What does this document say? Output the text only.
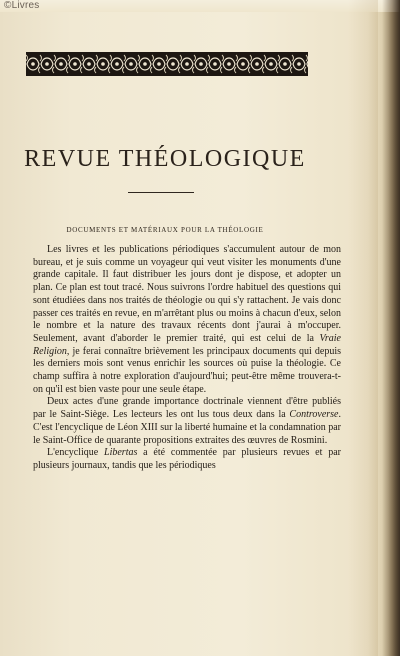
©Livres
REVUE THÉOLOGIQUE
DOCUMENTS ET MATÉRIAUX POUR LA THÉOLOGIE

Les livres et les publications périodiques s'accumulent autour de mon bureau, et je suis comme un voyageur qui veut visiter les monuments d'une grande capitale. Il faut distribuer les jours dont je dispose, et adopter un plan. Ce plan est tout tracé. Nous suivrons l'ordre habituel des questions qui sont étudiées dans nos traités de théologie ou qui s'y rattachent. Je vais donc passer ces traités en revue, en m'arrêtant plus ou moins à chacun d'eux, selon le nombre et la nature des travaux récents dont j'aurai à m'occuper. Seulement, avant d'aborder le premier traité, qui est celui de la Vraie Religion, je ferai connaître brièvement les principaux documents qui depuis les derniers mois sont venus enrichir les sources où puise la théologie. Ce champ suffira à notre exploration d'aujourd'hui; peut-être même trouvera-t-on qu'il est bien vaste pour une seule étape.

Deux actes d'une grande importance doctrinale viennent d'être publiés par le Saint-Siège. Les lecteurs les ont lus tous deux dans la Controverse. C'est l'encyclique de Léon XIII sur la liberté humaine et la condamnation par le Saint-Office de quarante propositions extraites des œuvres de Rosmini.

L'encyclique Libertas a été commentée par plusieurs revues et par plusieurs journaux, tandis que les périodiques
